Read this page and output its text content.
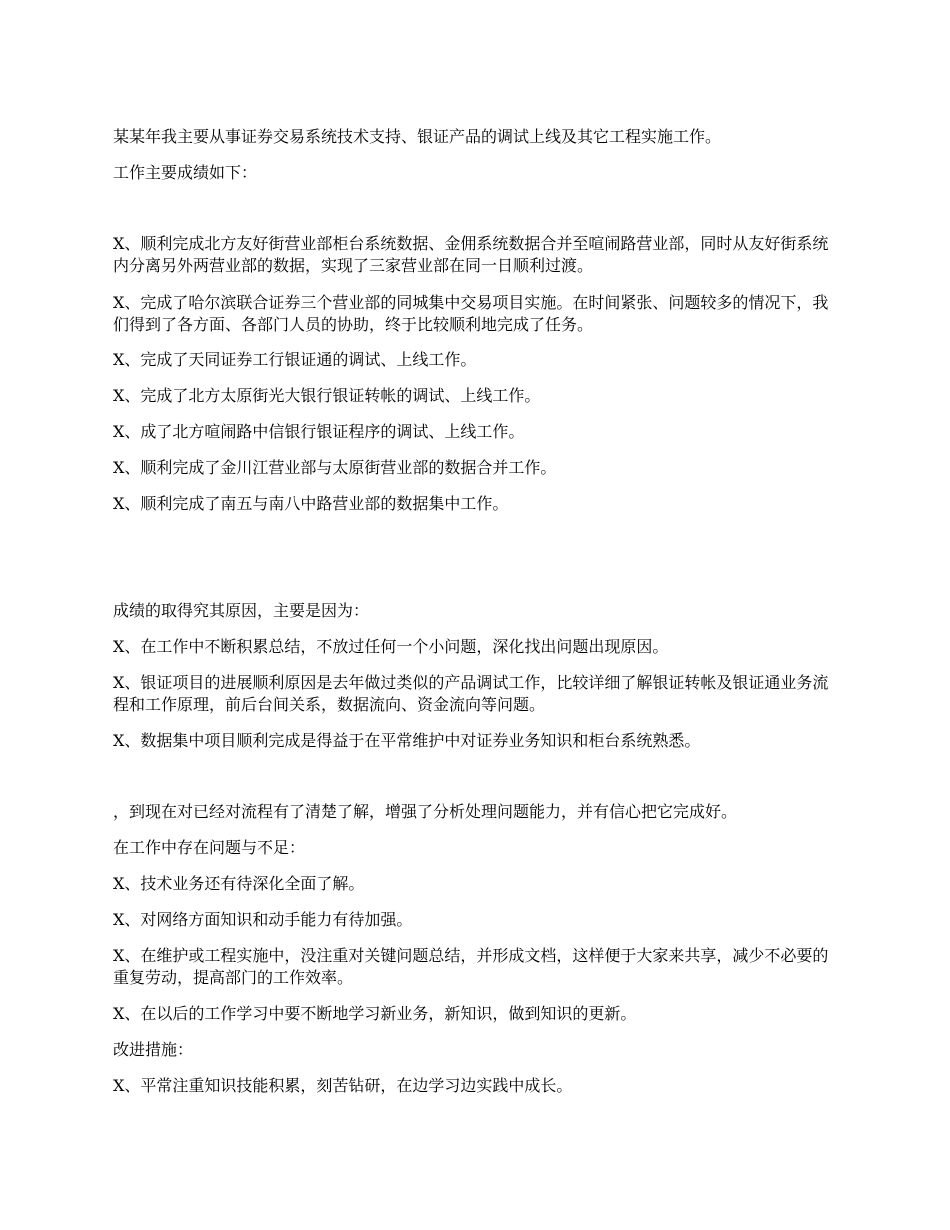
某某年我主要从事证券交易系统技术支持、银证产品的调试上线及其它工程实施工作。

工作主要成绩如下：

X、顺利完成北方友好街营业部柜台系统数据、金佣系统数据合并至喧闹路营业部，同时从友好街系统内分离另外两营业部的数据，实现了三家营业部在同一日顺利过渡。

X、完成了哈尔滨联合证券三个营业部的同城集中交易项目实施。在时间紧张、问题较多的情况下，我们得到了各方面、各部门人员的协助，终于比较顺利地完成了任务。

X、完成了天同证券工行银证通的调试、上线工作。

X、完成了北方太原街光大银行银证转帐的调试、上线工作。

X、成了北方喧闹路中信银行银证程序的调试、上线工作。

X、顺利完成了金川江营业部与太原街营业部的数据合并工作。

X、顺利完成了南五与南八中路营业部的数据集中工作。

成绩的取得究其原因，主要是因为：

X、在工作中不断积累总结，不放过任何一个小问题，深化找出问题出现原因。

X、银证项目的进展顺利原因是去年做过类似的产品调试工作，比较详细了解银证转帐及银证通业务流程和工作原理，前后台间关系，数据流向、资金流向等问题。

X、数据集中项目顺利完成是得益于在平常维护中对证券业务知识和柜台系统熟悉。

，到现在对已经对流程有了清楚了解，增强了分析处理问题能力，并有信心把它完成好。

在工作中存在问题与不足：

X、技术业务还有待深化全面了解。

X、对网络方面知识和动手能力有待加强。

X、在维护或工程实施中，没注重对关键问题总结，并形成文档，这样便于大家来共享，减少不必要的重复劳动，提高部门的工作效率。

X、在以后的工作学习中要不断地学习新业务，新知识，做到知识的更新。

改进措施：

X、平常注重知识技能积累，刻苦钻研，在边学习边实践中成长。
